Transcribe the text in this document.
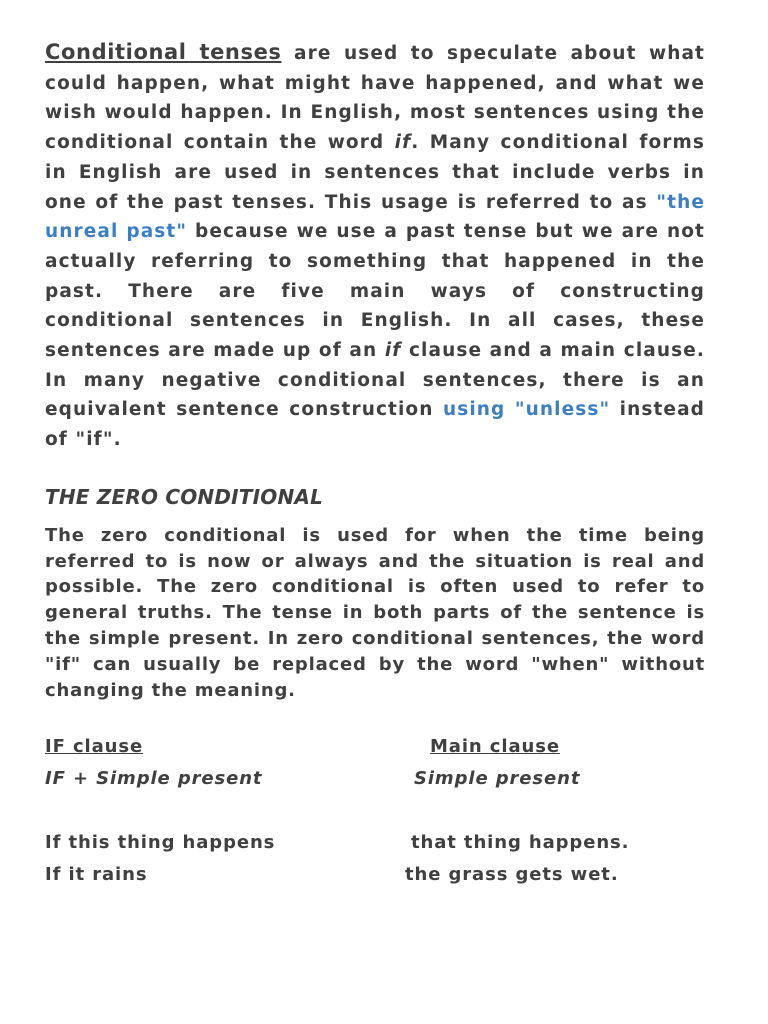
Conditional tenses are used to speculate about what could happen, what might have happened, and what we wish would happen. In English, most sentences using the conditional contain the word if. Many conditional forms in English are used in sentences that include verbs in one of the past tenses. This usage is referred to as "the unreal past" because we use a past tense but we are not actually referring to something that happened in the past. There are five main ways of constructing conditional sentences in English. In all cases, these sentences are made up of an if clause and a main clause. In many negative conditional sentences, there is an equivalent sentence construction using "unless" instead of "if".

THE ZERO CONDITIONAL

The zero conditional is used for when the time being referred to is now or always and the situation is real and possible. The zero conditional is often used to refer to general truths. The tense in both parts of the sentence is the simple present. In zero conditional sentences, the word "if" can usually be replaced by the word "when" without changing the meaning.

IF clause	Main clause
IF + Simple present	Simple present
If this thing happens	that thing happens.
If it rains	the grass gets wet.
